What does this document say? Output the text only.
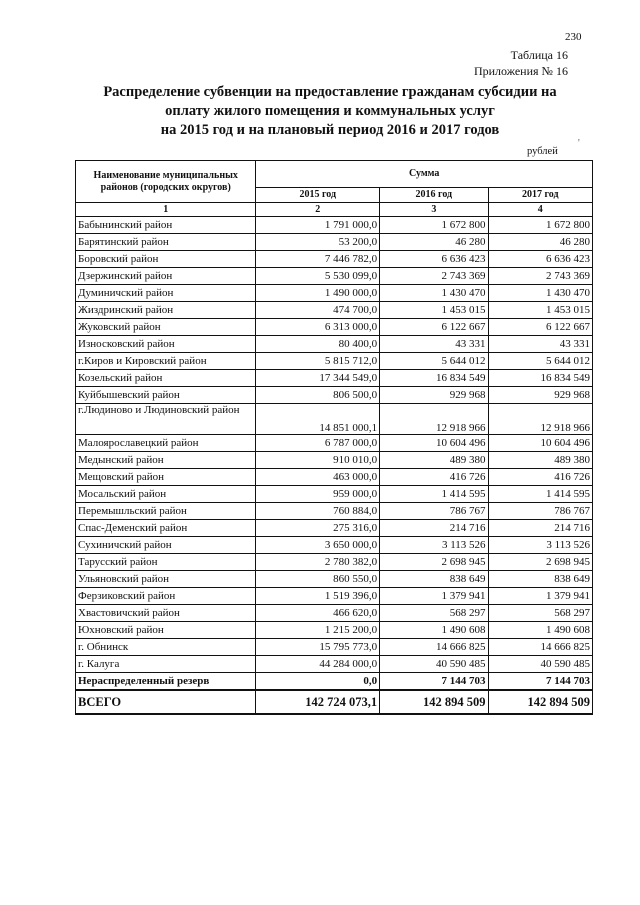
230
'
Таблица 16
Приложения № 16
Распределение субвенции на предоставление гражданам субсидии на
оплату жилого помещения и коммунальных услуг
на 2015 год и на плановый период 2016 и 2017 годов
рублей
Наименование муниципальных районов (городских округов)	Сумма		
	2015 год	2016 год	2017 год
1	2	3	4
Бабынинский район	1 791 000,0	1 672 800	1 672 800
Барятинский район	53 200,0	46 280	46 280
Боровский район	7 446 782,0	6 636 423	6 636 423
Дзержинский район	5 530 099,0	2 743 369	2 743 369
Думиничский район	1 490 000,0	1 430 470	1 430 470
Жиздринский район	474 700,0	1 453 015	1 453 015
Жуковский район	6 313 000,0	6 122 667	6 122 667
Износковский район	80 400,0	43 331	43 331
г.Киров и Кировский район	5 815 712,0	5 644 012	5 644 012
Козельский район	17 344 549,0	16 834 549	16 834 549
Куйбышевский район	806 500,0	929 968	929 968
г.Людиново и Людиновский район	14 851 000,1	12 918 966	12 918 966
Малоярославецкий район	6 787 000,0	10 604 496	10 604 496
Медынский район	910 010,0	489 380	489 380
Мещовский район	463 000,0	416 726	416 726
Мосальский район	959 000,0	1 414 595	1 414 595
Перемышльский район	760 884,0	786 767	786 767
Спас-Деменский район	275 316,0	214 716	214 716
Сухиничский район	3 650 000,0	3 113 526	3 113 526
Тарусский район	2 780 382,0	2 698 945	2 698 945
Ульяновский район	860 550,0	838 649	838 649
Ферзиковский район	1 519 396,0	1 379 941	1 379 941
Хвастовичский район	466 620,0	568 297	568 297
Юхновский район	1 215 200,0	1 490 608	1 490 608
г. Обнинск	15 795 773,0	14 666 825	14 666 825
г. Калуга	44 284 000,0	40 590 485	40 590 485
Нераспределенный резерв	0,0	7 144 703	7 144 703
ВСЕГО	142 724 073,1	142 894 509	142 894 509
